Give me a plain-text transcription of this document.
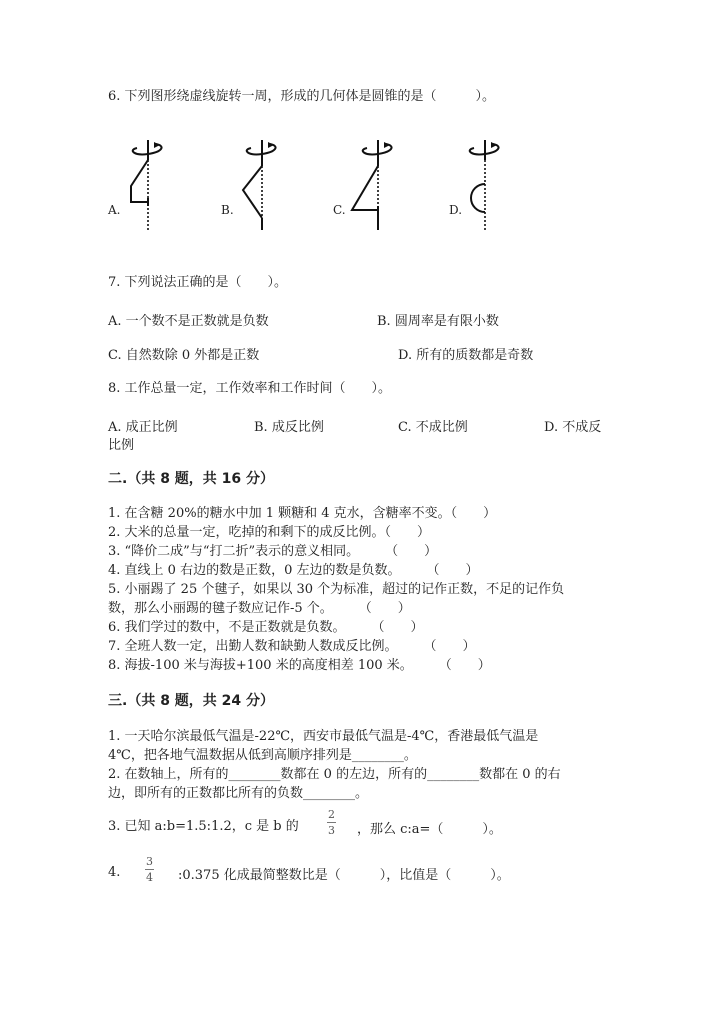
6. 下列图形绕虚线旋转一周，形成的几何体是圆锥的是（　　　）。
A.	B.	C.	D.
7. 下列说法正确的是（　　）。
A. 一个数不是正数就是负数	B. 圆周率是有限小数
C. 自然数除 0 外都是正数	D. 所有的质数都是奇数
8. 工作总量一定，工作效率和工作时间（　　）。
A. 成正比例	B. 成反比例	C. 不成比例	D. 不成反
比例
二.（共 8 题，共 16 分）
1. 在含糖 20%的糖水中加 1 颗糖和 4 克水，含糖率不变。（　　）
2. 大米的总量一定，吃掉的和剩下的成反比例。（　　）
3. “降价二成”与“打二折”表示的意义相同。　　　（　　）
4. 直线上 0 右边的数是正数，0 左边的数是负数。　　　（　　）
5. 小丽踢了 25 个毽子，如果以 30 个为标准，超过的记作正数，不足的记作负
数，那么小丽踢的毽子数应记作-5 个。　　　（　　）
6. 我们学过的数中，不是正数就是负数。　　　（　　）
7. 全班人数一定，出勤人数和缺勤人数成反比例。　　　（　　）
8. 海拔-100 米与海拔+100 米的高度相差 100 米。　　　（　　）
三.（共 8 题，共 24 分）
1. 一天哈尔滨最低气温是-22℃，西安市最低气温是-4℃，香港最低气温是
4℃，把各地气温数据从低到高顺序排列是________。
2. 在数轴上，所有的________数都在 0 的左边，所有的________数都在 0 的右
边，即所有的正数都比所有的负数________。
3. 已知 a:b=1.5:1.2，c 是 b 的
2
3 ，那么 c:a=（　　　）。
4.
3
4 :0.375 化成最简整数比是（　　　），比值是（　　　）。
